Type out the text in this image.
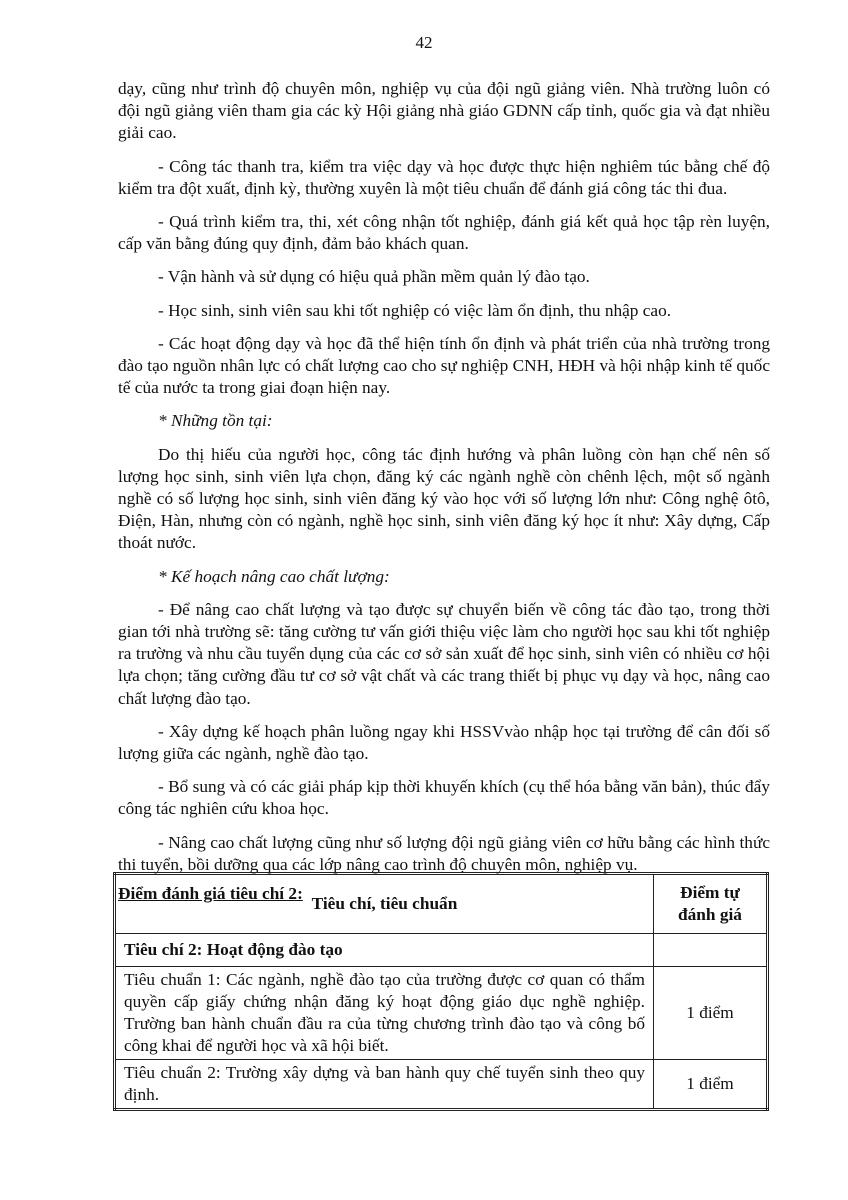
42

dạy, cũng như trình độ chuyên môn, nghiệp vụ của đội ngũ giảng viên. Nhà trường luôn có đội ngũ giảng viên tham gia các kỳ Hội giảng nhà giáo GDNN cấp tỉnh, quốc gia và đạt nhiều giải cao.

- Công tác thanh tra, kiểm tra việc dạy và học được thực hiện nghiêm túc bằng chế độ kiểm tra đột xuất, định kỳ, thường xuyên là một tiêu chuẩn để đánh giá công tác thi đua.

- Quá trình kiểm tra, thi, xét công nhận tốt nghiệp, đánh giá kết quả học tập rèn luyện, cấp văn bằng đúng quy định, đảm bảo khách quan.

- Vận hành và sử dụng có hiệu quả phần mềm quản lý đào tạo.

- Học sinh, sinh viên sau khi tốt nghiệp có việc làm ổn định, thu nhập cao.

- Các hoạt động dạy và học đã thể hiện tính ổn định và phát triển của nhà trường trong đào tạo nguồn nhân lực có chất lượng cao cho sự nghiệp CNH, HĐH và hội nhập kinh tế quốc tế của nước ta trong giai đoạn hiện nay.

* Những tồn tại:

Do thị hiếu của người học, công tác định hướng và phân luồng còn hạn chế nên số lượng học sinh, sinh viên lựa chọn, đăng ký các ngành nghề còn chênh lệch, một số ngành nghề có số lượng học sinh, sinh viên đăng ký vào học với số lượng lớn như: Công nghệ ôtô, Điện, Hàn, nhưng còn có ngành, nghề học sinh, sinh viên đăng ký học ít như: Xây dựng, Cấp thoát nước.

* Kế hoạch nâng cao chất lượng:

- Để nâng cao chất lượng và tạo được sự chuyển biến về công tác đào tạo, trong thời gian tới nhà trường sẽ: tăng cường tư vấn giới thiệu việc làm cho người học sau khi tốt nghiệp ra trường và nhu cầu tuyển dụng của các cơ sở sản xuất để học sinh, sinh viên có nhiều cơ hội lựa chọn; tăng cường đầu tư cơ sở vật chất và các trang thiết bị phục vụ dạy và học, nâng cao chất lượng đào tạo.

- Xây dựng kế hoạch phân luồng ngay khi HSSVvào nhập học tại trường để cân đối số lượng giữa các ngành, nghề đào tạo.

- Bổ sung và có các giải pháp kịp thời khuyến khích (cụ thể hóa bằng văn bản), thúc đẩy công tác nghiên cứu khoa học.

- Nâng cao chất lượng cũng như số lượng đội ngũ giảng viên cơ hữu bằng các hình thức thi tuyển, bồi dưỡng qua các lớp nâng cao trình độ chuyên môn, nghiệp vụ.

Điểm đánh giá tiêu chí 2:
Tiêu chí, tiêu chuẩn	Điểm tự đánh giá
Tiêu chí 2: Hoạt động đào tạo	
Tiêu chuẩn 1: Các ngành, nghề đào tạo của trường được cơ quan có thẩm quyền cấp giấy chứng nhận đăng ký hoạt động giáo dục nghề nghiệp. Trường ban hành chuẩn đầu ra của từng chương trình đào tạo và công bố công khai để người học và xã hội biết.	1 điểm
Tiêu chuẩn 2: Trường xây dựng và ban hành quy chế tuyển sinh theo quy định.	1 điểm
